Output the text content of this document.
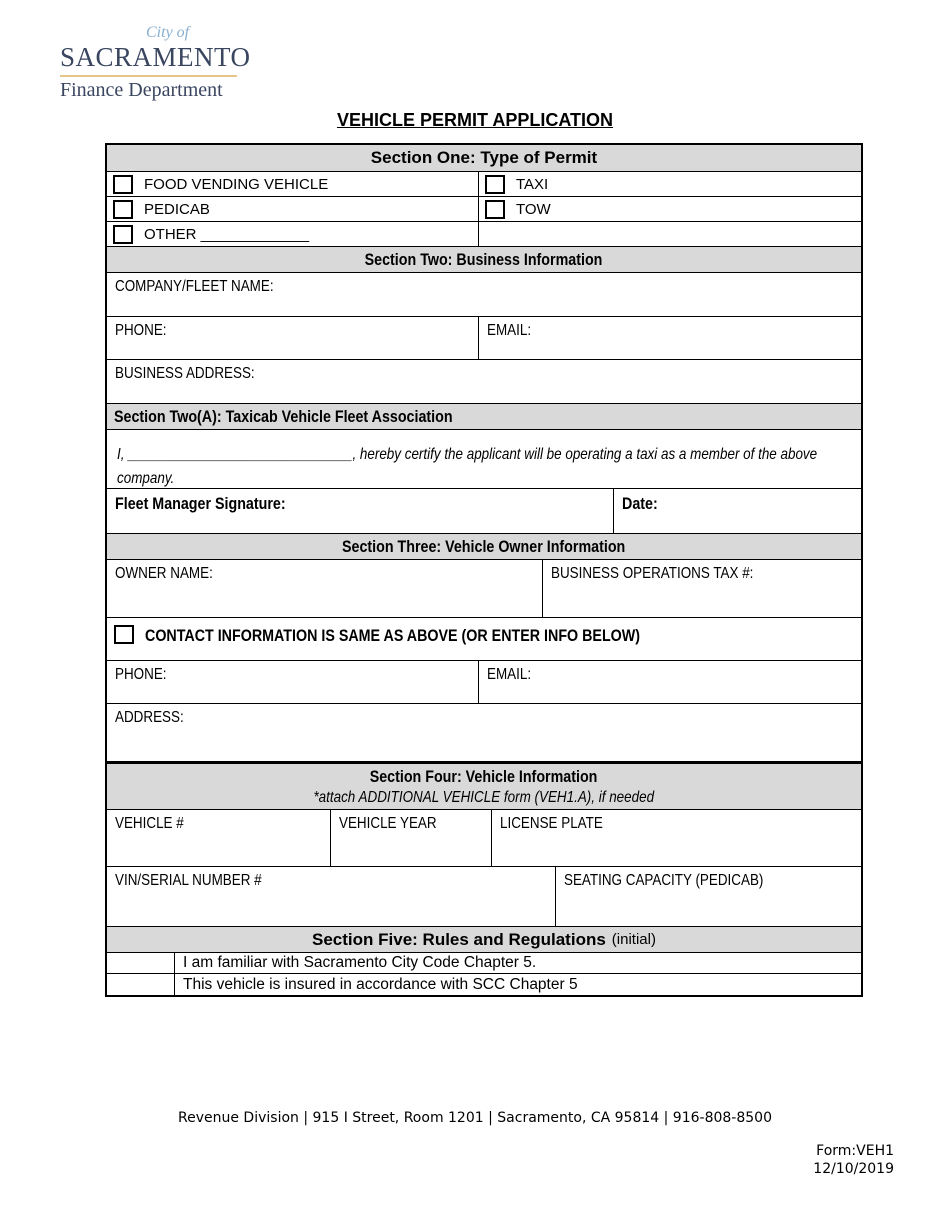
City of
SACRAMENTO
Finance Department
VEHICLE PERMIT APPLICATION
Section One: Type of Permit
FOOD VENDING VEHICLE	TAXI
PEDICAB	TOW
OTHER _____________
Section Two: Business Information
COMPANY/FLEET NAME:
PHONE:	EMAIL:
BUSINESS ADDRESS:
Section Two(A): Taxicab Vehicle Fleet Association
I, ______________________________, hereby certify the applicant will be operating a taxi as a member of the above company.
Fleet Manager Signature:	Date:
Section Three: Vehicle Owner Information
OWNER NAME:	BUSINESS OPERATIONS TAX #:
CONTACT INFORMATION IS SAME AS ABOVE (OR ENTER INFO BELOW)
PHONE:	EMAIL:
ADDRESS:
Section Four: Vehicle Information
*attach ADDITIONAL VEHICLE form (VEH1.A), if needed
VEHICLE #	VEHICLE YEAR	LICENSE PLATE
VIN/SERIAL NUMBER #	SEATING CAPACITY (PEDICAB)
Section Five: Rules and Regulations (initial)
I am familiar with Sacramento City Code Chapter 5.
This vehicle is insured in accordance with SCC Chapter 5
Revenue Division | 915 I Street, Room 1201 | Sacramento, CA 95814 | 916-808-8500
Form:VEH1
12/10/2019
